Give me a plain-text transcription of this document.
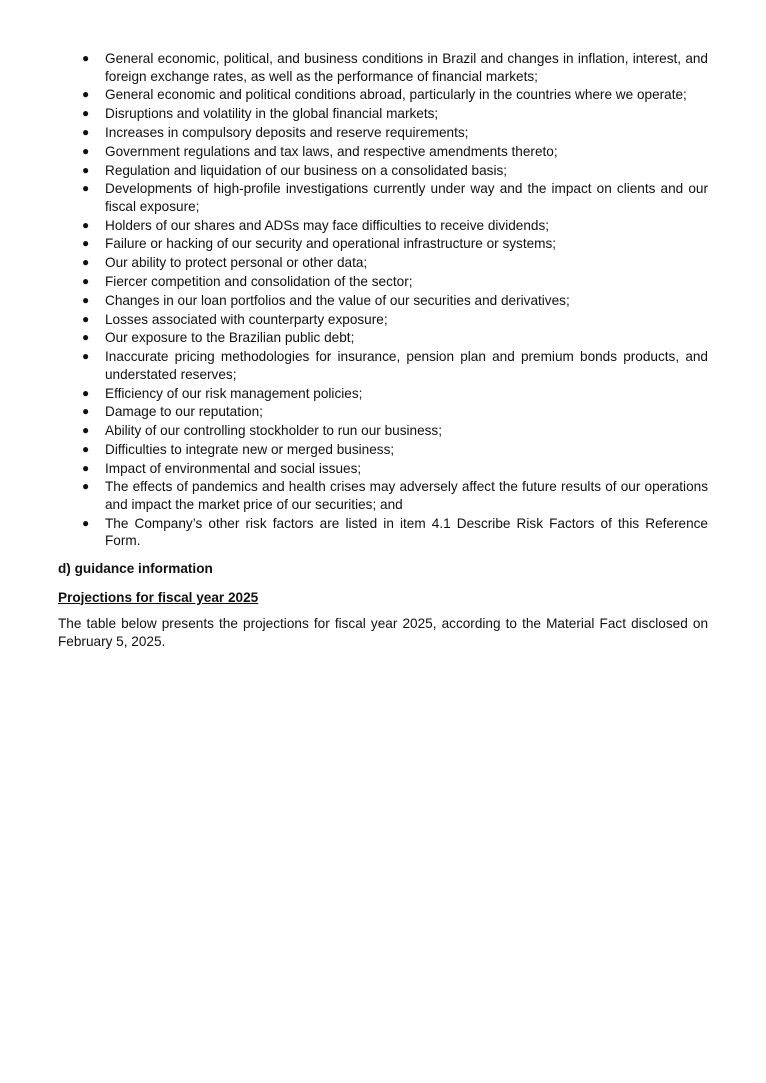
● General economic, political, and business conditions in Brazil and changes in inflation, interest, and foreign exchange rates, as well as the performance of financial markets;
● General economic and political conditions abroad, particularly in the countries where we operate;
● Disruptions and volatility in the global financial markets;
● Increases in compulsory deposits and reserve requirements;
● Government regulations and tax laws, and respective amendments thereto;
● Regulation and liquidation of our business on a consolidated basis;
● Developments of high-profile investigations currently under way and the impact on clients and our fiscal exposure;
● Holders of our shares and ADSs may face difficulties to receive dividends;
● Failure or hacking of our security and operational infrastructure or systems;
● Our ability to protect personal or other data;
● Fiercer competition and consolidation of the sector;
● Changes in our loan portfolios and the value of our securities and derivatives;
● Losses associated with counterparty exposure;
● Our exposure to the Brazilian public debt;
● Inaccurate pricing methodologies for insurance, pension plan and premium bonds products, and understated reserves;
● Efficiency of our risk management policies;
● Damage to our reputation;
● Ability of our controlling stockholder to run our business;
● Difficulties to integrate new or merged business;
● Impact of environmental and social issues;
● The effects of pandemics and health crises may adversely affect the future results of our operations and impact the market price of our securities; and
● The Company’s other risk factors are listed in item 4.1 Describe Risk Factors of this Reference Form.
d) guidance information
Projections for fiscal year 2025
The table below presents the projections for fiscal year 2025, according to the Material Fact disclosed on February 5, 2025.
